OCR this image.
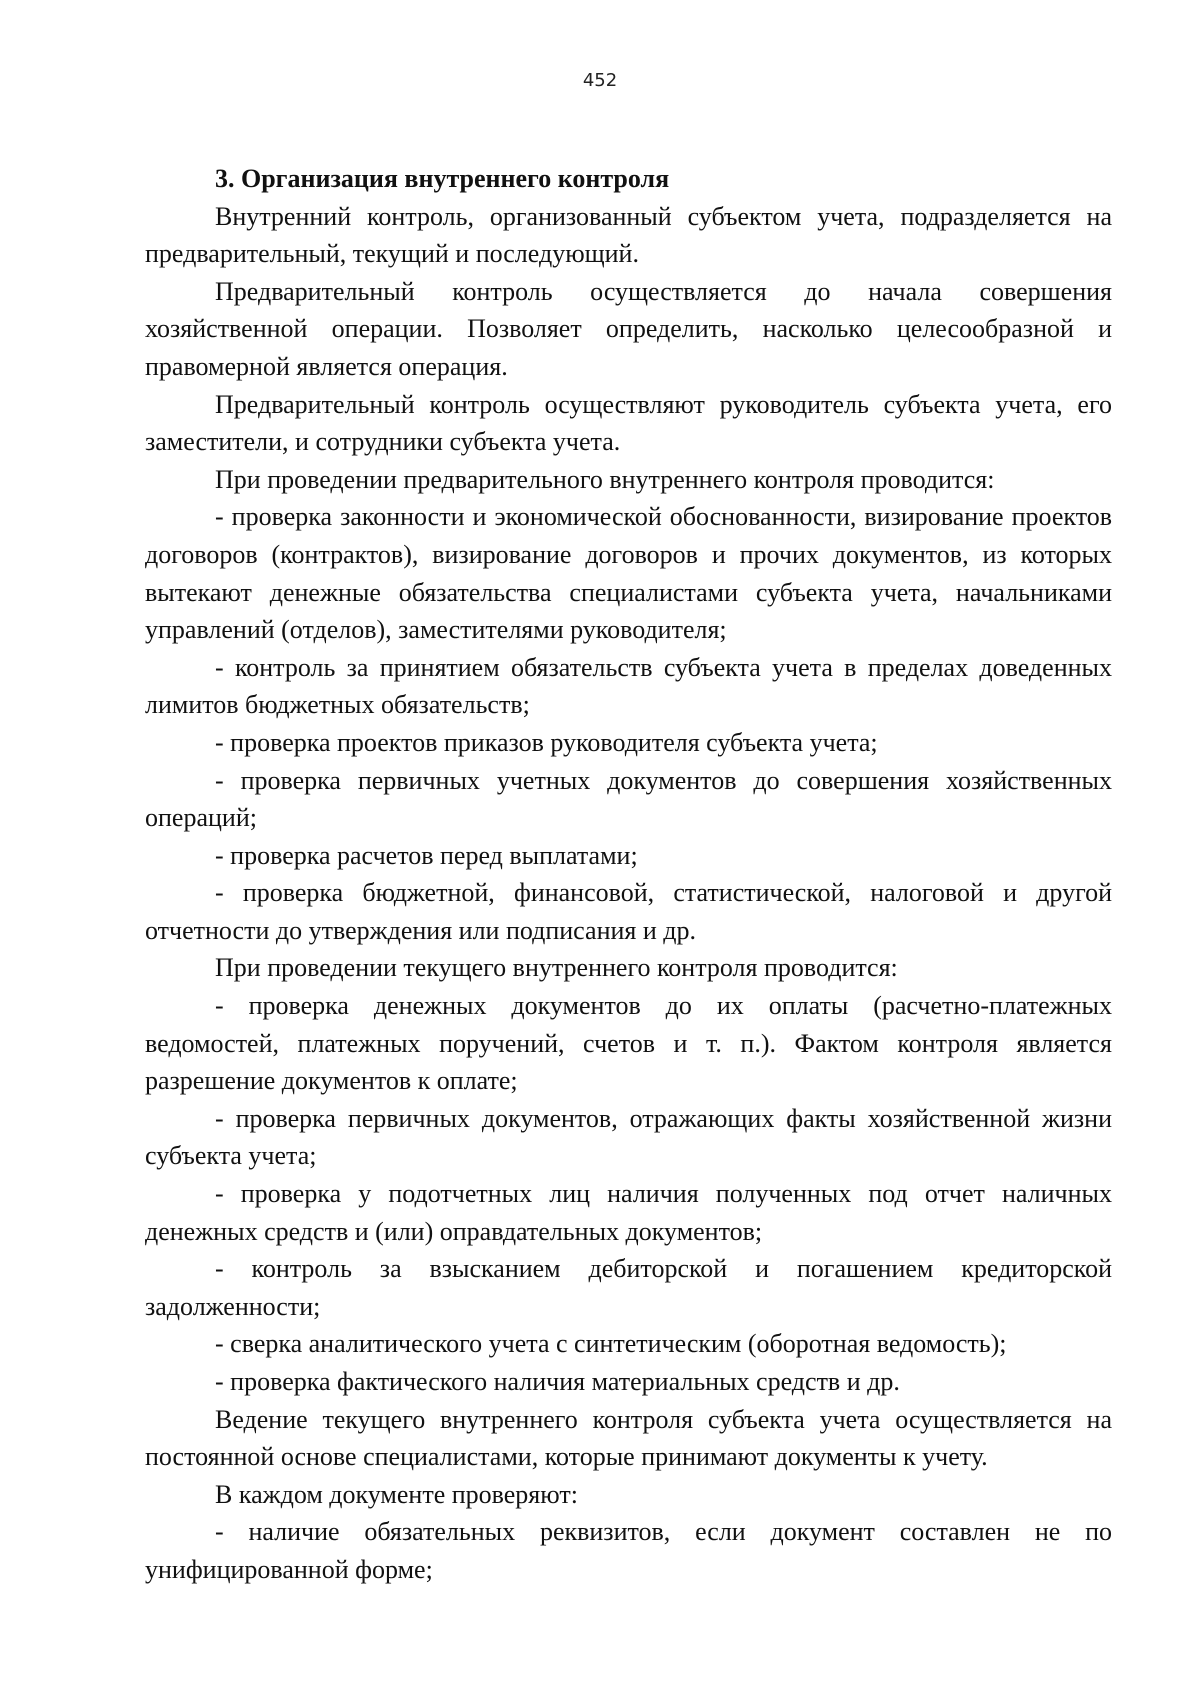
452
3. Организация внутреннего контроля

Внутренний контроль, организованный субъектом учета, подразделяется на предварительный, текущий и последующий.

Предварительный контроль осуществляется до начала совершения хозяйственной операции. Позволяет определить, насколько целесообразной и правомерной является операция.

Предварительный контроль осуществляют руководитель субъекта учета, его заместители, и сотрудники субъекта учета.

При проведении предварительного внутреннего контроля проводится:

- проверка законности и экономической обоснованности, визирование проектов договоров (контрактов), визирование договоров и прочих документов, из которых вытекают денежные обязательства специалистами субъекта учета, начальниками управлений (отделов), заместителями руководителя;

- контроль за принятием обязательств субъекта учета в пределах доведенных лимитов бюджетных обязательств;

- проверка проектов приказов руководителя субъекта учета;

- проверка первичных учетных документов до совершения хозяйственных операций;

- проверка расчетов перед выплатами;

- проверка бюджетной, финансовой, статистической, налоговой и другой отчетности до утверждения или подписания и др.

При проведении текущего внутреннего контроля проводится:

- проверка денежных документов до их оплаты (расчетно-платежных ведомостей, платежных поручений, счетов и т. п.). Фактом контроля является разрешение документов к оплате;

- проверка первичных документов, отражающих факты хозяйственной жизни субъекта учета;

- проверка у подотчетных лиц наличия полученных под отчет наличных денежных средств и (или) оправдательных документов;

- контроль за взысканием дебиторской и погашением кредиторской задолженности;

- сверка аналитического учета с синтетическим (оборотная ведомость);

- проверка фактического наличия материальных средств и др.

Ведение текущего внутреннего контроля субъекта учета осуществляется на постоянной основе специалистами, которые принимают документы к учету.

В каждом документе проверяют:

- наличие обязательных реквизитов, если документ составлен не по унифицированной форме;
